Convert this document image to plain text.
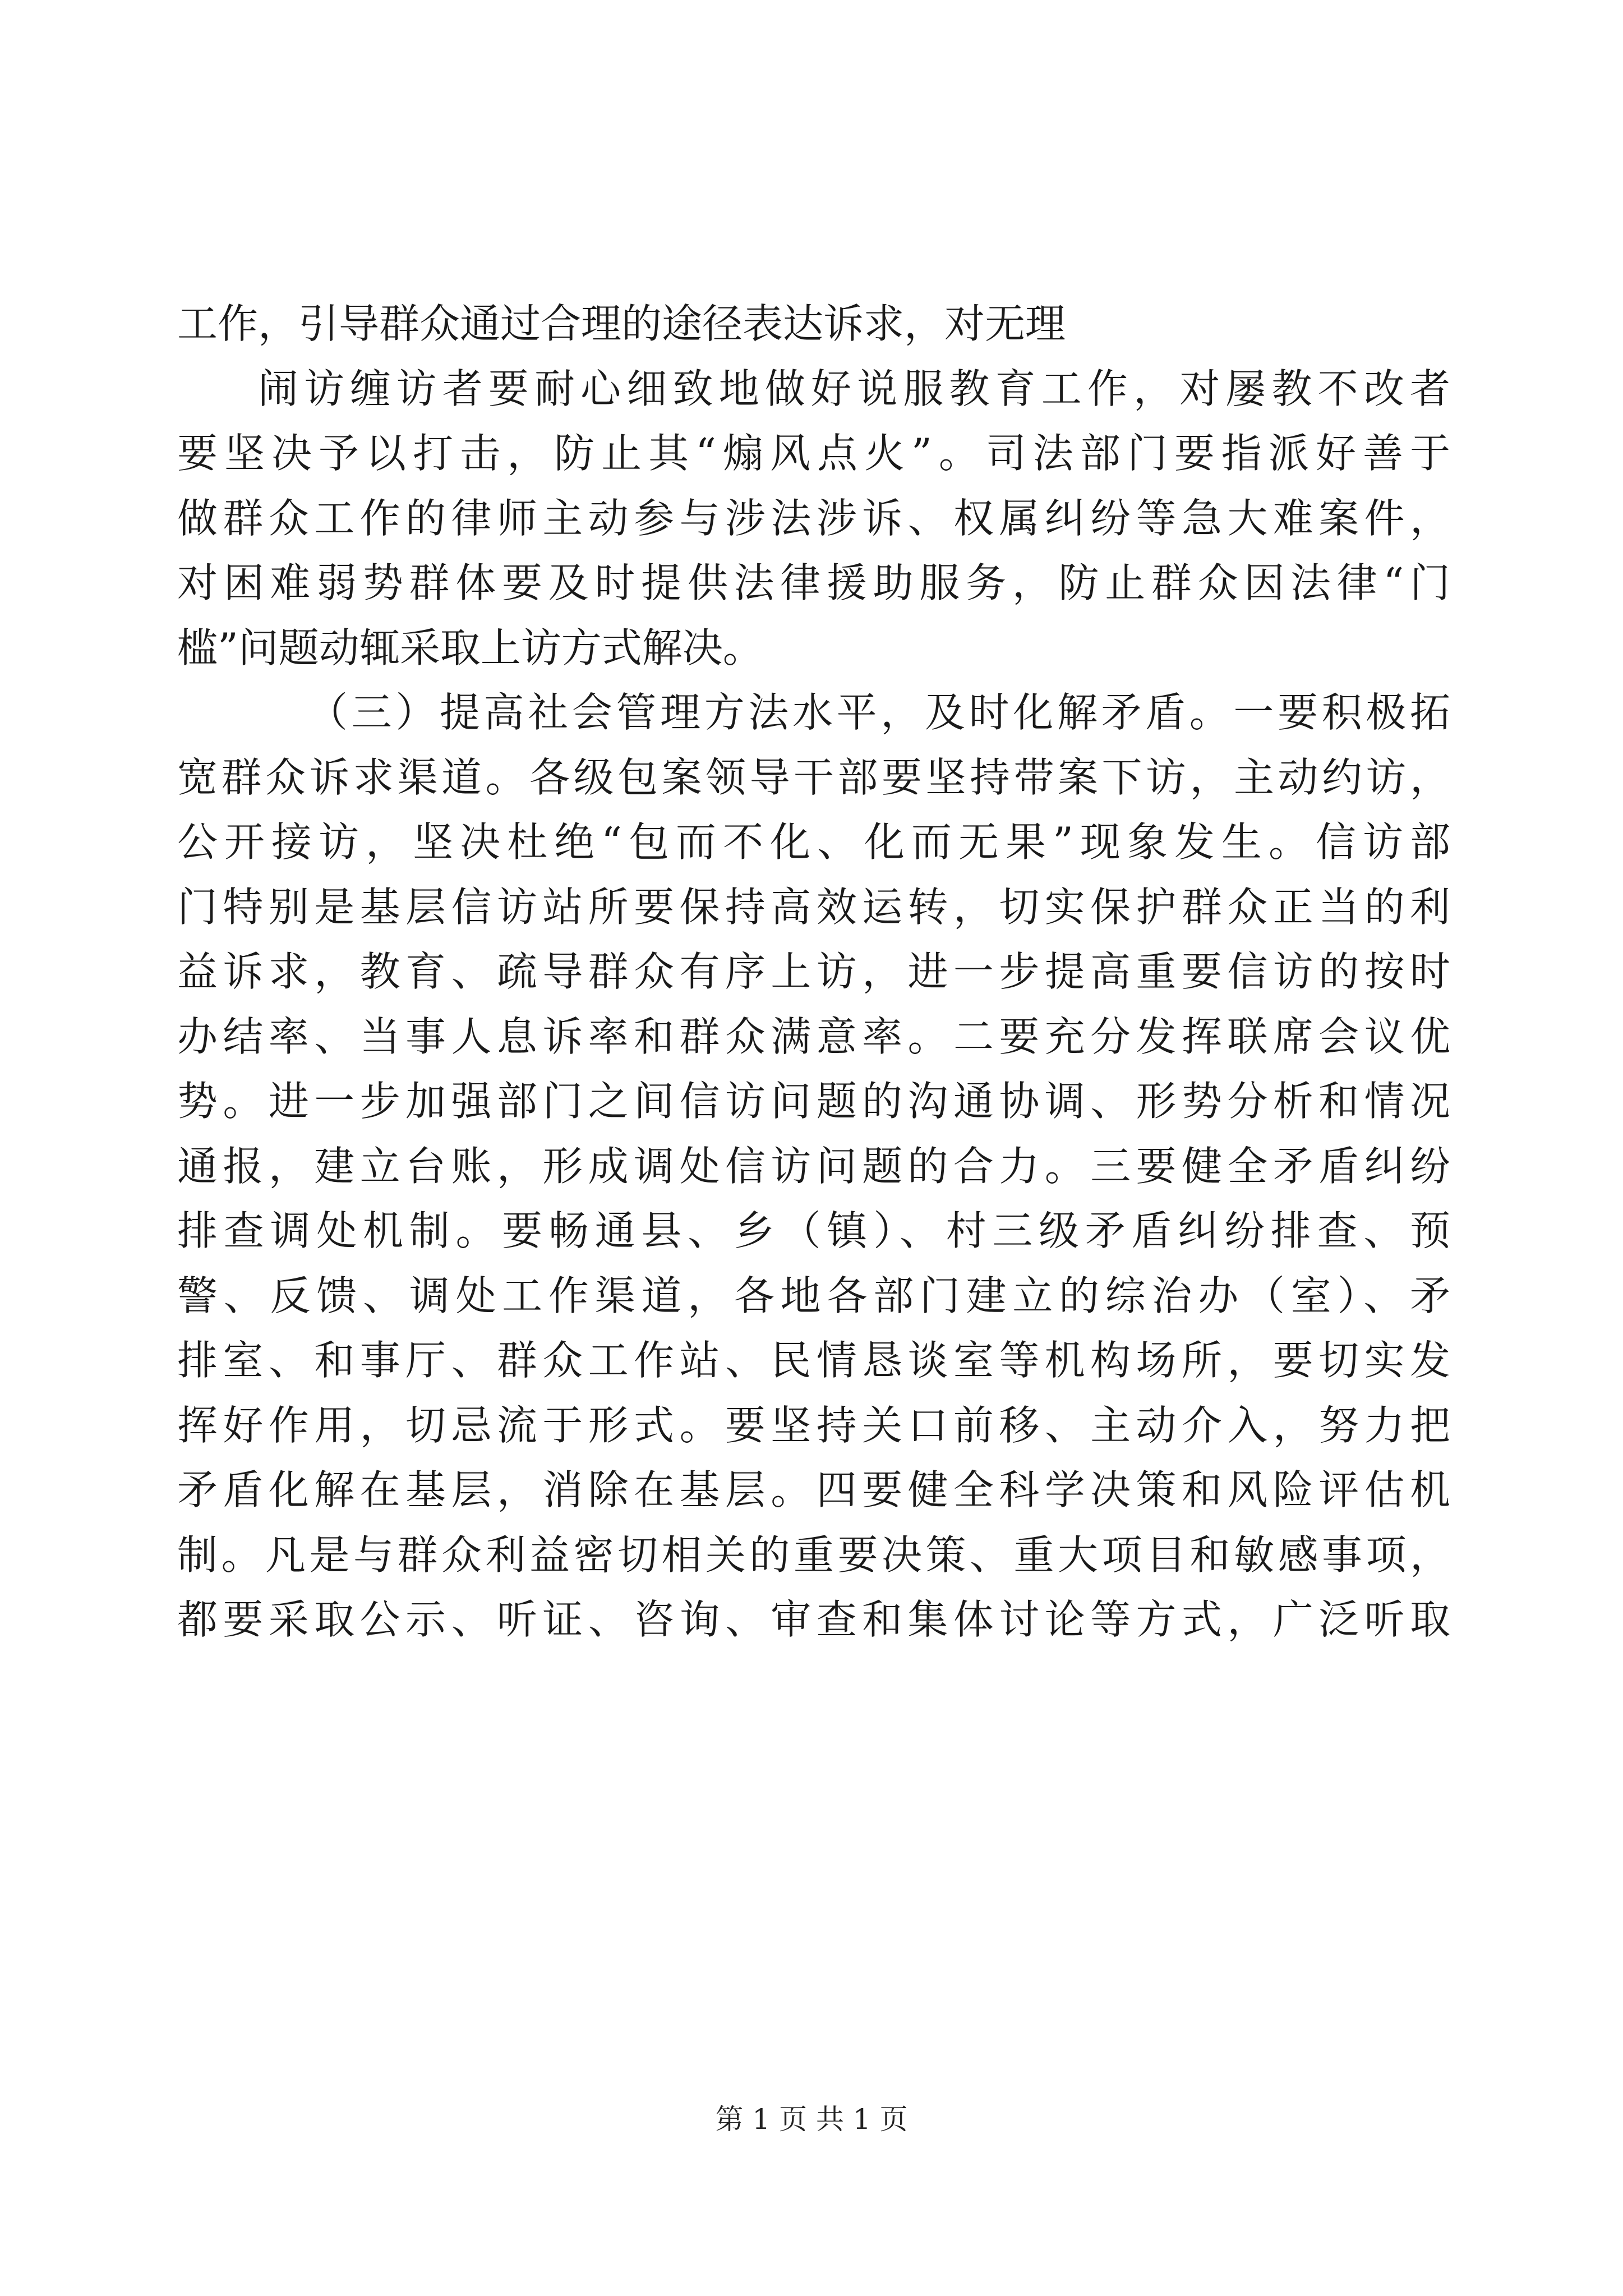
工作，引导群众通过合理的途径表达诉求，对无理
闹访缠访者要耐心细致地做好说服教育工作，对屡教不改者
要坚决予以打击，防止其“煽风点火”。司法部门要指派好善于
做群众工作的律师主动参与涉法涉诉、权属纠纷等急大难案件，
对困难弱势群体要及时提供法律援助服务，防止群众因法律“门
槛”问题动辄采取上访方式解决。
（三）提高社会管理方法水平，及时化解矛盾。一要积极拓
宽群众诉求渠道。各级包案领导干部要坚持带案下访，主动约访，
公开接访，坚决杜绝“包而不化、化而无果”现象发生。信访部
门特别是基层信访站所要保持高效运转，切实保护群众正当的利
益诉求，教育、疏导群众有序上访，进一步提高重要信访的按时
办结率、当事人息诉率和群众满意率。二要充分发挥联席会议优
势。进一步加强部门之间信访问题的沟通协调、形势分析和情况
通报，建立台账，形成调处信访问题的合力。三要健全矛盾纠纷
排查调处机制。要畅通县、乡（镇）、村三级矛盾纠纷排查、预
警、反馈、调处工作渠道，各地各部门建立的综治办（室）、矛
排室、和事厅、群众工作站、民情恳谈室等机构场所，要切实发
挥好作用，切忌流于形式。要坚持关口前移、主动介入，努力把
矛盾化解在基层，消除在基层。四要健全科学决策和风险评估机
制。凡是与群众利益密切相关的重要决策、重大项目和敏感事项，
都要采取公示、听证、咨询、审查和集体讨论等方式，广泛听取
第 1 页 共 1 页
